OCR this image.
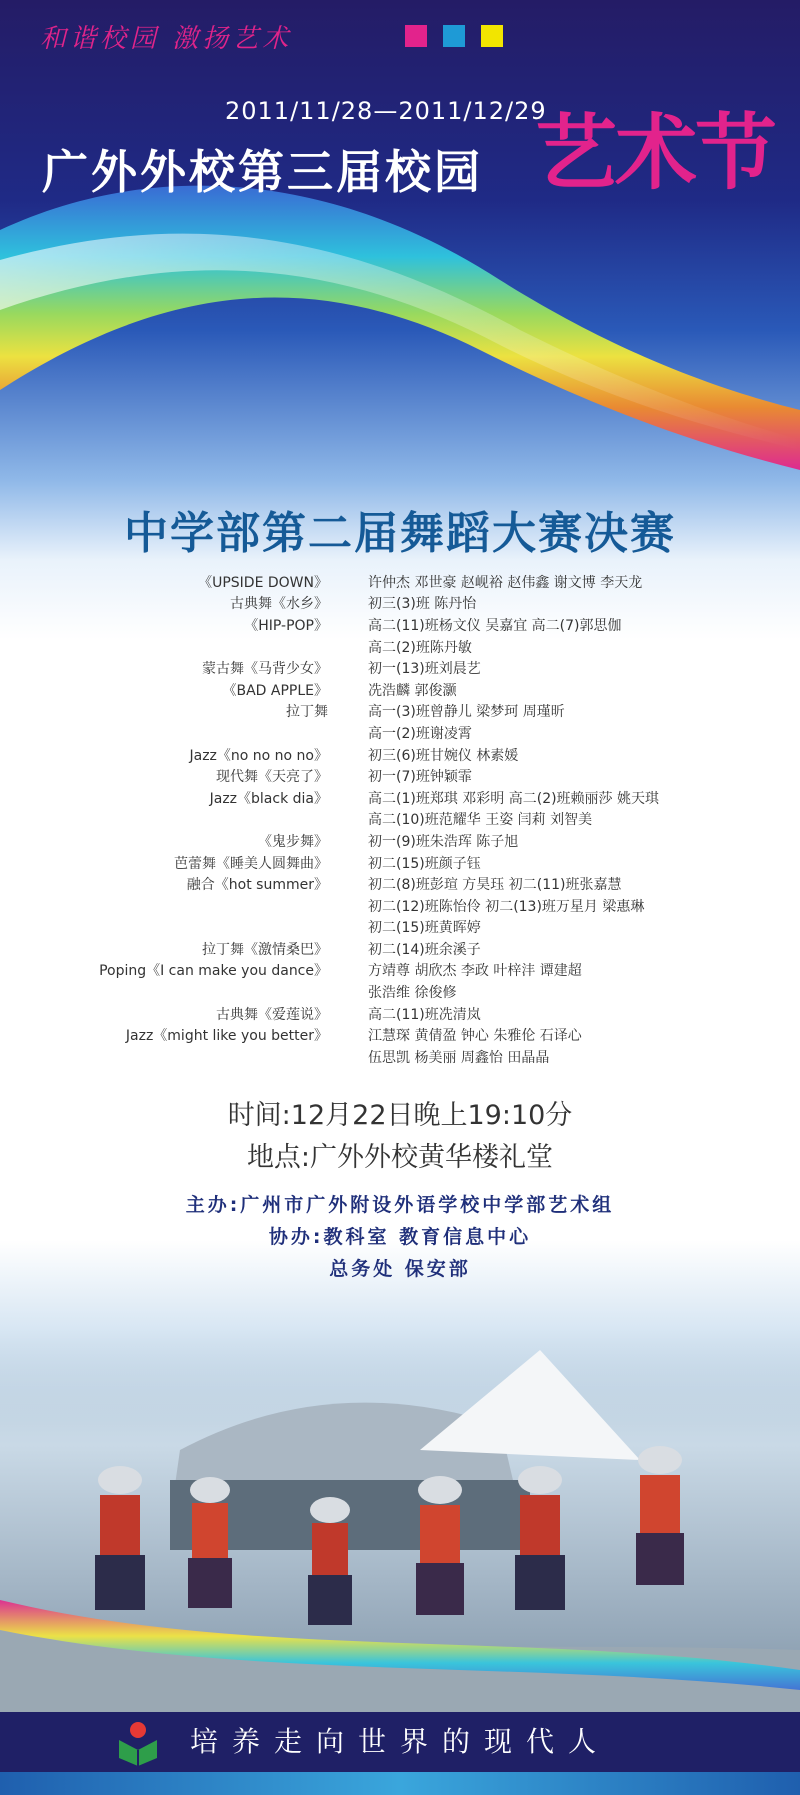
和谐校园 激扬艺术
2011/11/28—2011/12/29
广外外校第三届校园 艺术节
中学部第二届舞蹈大赛决赛
《UPSIDE DOWN》	许仲杰 邓世豪 赵岘裕 赵伟鑫 谢文博 李天龙
古典舞《水乡》	初三(3)班 陈丹怡
《HIP-POP》	高二(11)班杨文仪 吴嘉宜 高二(7)郭思伽
高二(2)班陈丹敏
蒙古舞《马背少女》	初一(13)班刘晨艺
《BAD APPLE》	冼浩麟 郭俊灏
拉丁舞	高一(3)班曾静儿 梁梦珂 周瑾昕
高一(2)班谢凌霄
Jazz《no no no no》	初三(6)班甘婉仪 林素媛
现代舞《天亮了》	初一(7)班钟颖霏
Jazz《black dia》	高二(1)班郑琪 邓彩明 高二(2)班赖丽莎 姚天琪
高二(10)班范耀华 王姿 闫莉 刘智美
《鬼步舞》	初一(9)班朱浩珲 陈子旭
芭蕾舞《睡美人圆舞曲》	初二(15)班颜子钰
融合《hot summer》	初二(8)班彭瑄 方昊珏 初二(11)班张嘉慧
初二(12)班陈怡伶 初二(13)班万星月 梁惠琳
初二(15)班黄晖婷
拉丁舞《激情桑巴》	初二(14)班余溪子
Poping《I can make you dance》	方靖尊 胡欣杰 李政 叶梓沣 谭建超
张浩维 徐俊修
古典舞《爱莲说》	高二(11)班冼清岚
Jazz《might like you better》	江慧琛 黄倩盈 钟心 朱雅伦 石译心
伍思凯 杨美丽 周鑫怡 田晶晶
时间:12月22日晚上19:10分
地点:广外外校黄华楼礼堂
主办:广州市广外附设外语学校中学部艺术组
协办:教科室 教育信息中心
总务处 保安部
培养走向世界的现代人
